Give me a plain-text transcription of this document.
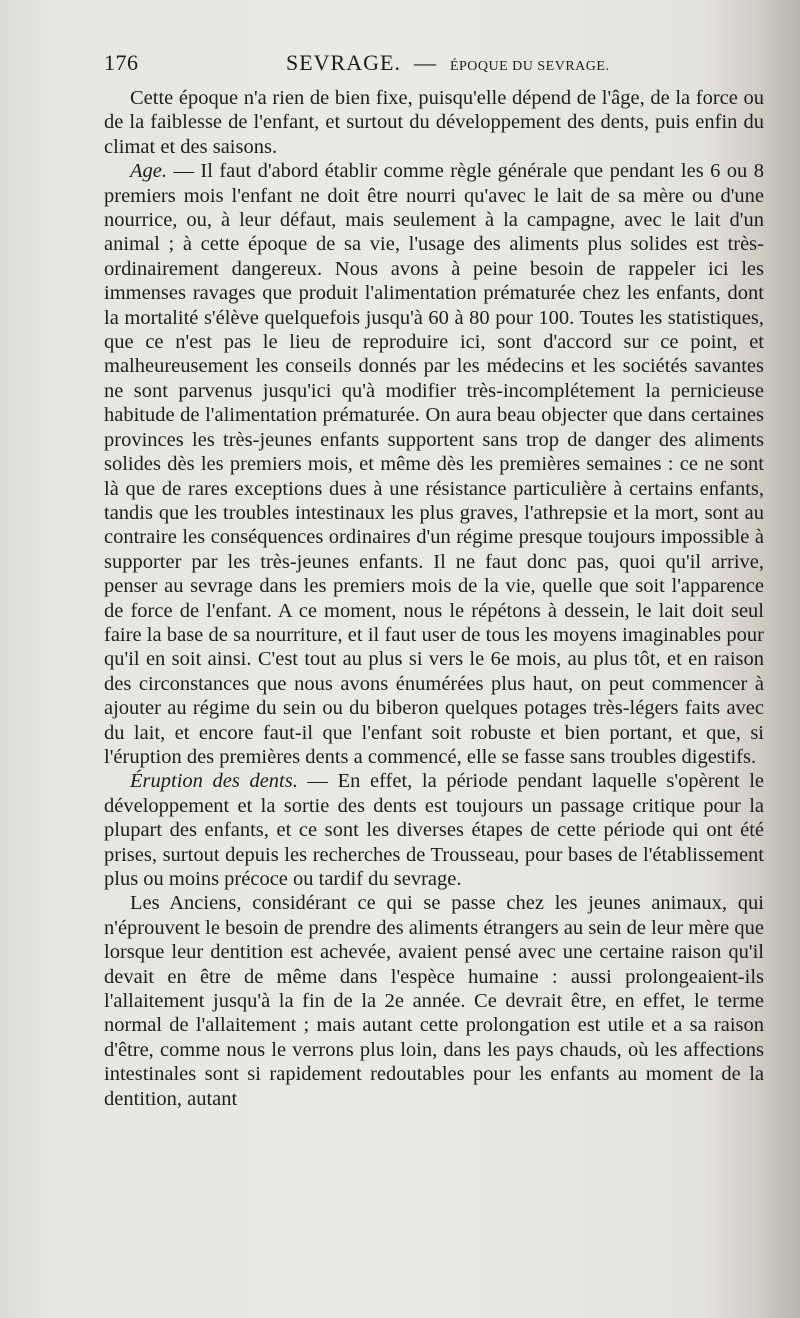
176	SEVRAGE. — ÉPOQUE DU SEVRAGE.

Cette époque n'a rien de bien fixe, puisqu'elle dépend de l'âge, de la force ou de la faiblesse de l'enfant, et surtout du développement des dents, puis enfin du climat et des saisons.

Age. — Il faut d'abord établir comme règle générale que pendant les 6 ou 8 premiers mois l'enfant ne doit être nourri qu'avec le lait de sa mère ou d'une nourrice, ou, à leur défaut, mais seulement à la campagne, avec le lait d'un animal ; à cette époque de sa vie, l'usage des aliments plus solides est très-ordinairement dangereux. Nous avons à peine besoin de rappeler ici les immenses ravages que produit l'alimentation prématurée chez les enfants, dont la mortalité s'élève quelquefois jusqu'à 60 à 80 pour 100. Toutes les statistiques, que ce n'est pas le lieu de reproduire ici, sont d'accord sur ce point, et malheureusement les conseils donnés par les médecins et les sociétés savantes ne sont parvenus jusqu'ici qu'à modifier très-incomplétement la pernicieuse habitude de l'alimentation prématurée. On aura beau objecter que dans certaines provinces les très-jeunes enfants supportent sans trop de danger des aliments solides dès les premiers mois, et même dès les premières semaines : ce ne sont là que de rares exceptions dues à une résistance particulière à certains enfants, tandis que les troubles intestinaux les plus graves, l'athrepsie et la mort, sont au contraire les conséquences ordinaires d'un régime presque toujours impossible à supporter par les très-jeunes enfants. Il ne faut donc pas, quoi qu'il arrive, penser au sevrage dans les premiers mois de la vie, quelle que soit l'apparence de force de l'enfant. A ce moment, nous le répétons à dessein, le lait doit seul faire la base de sa nourriture, et il faut user de tous les moyens imaginables pour qu'il en soit ainsi. C'est tout au plus si vers le 6e mois, au plus tôt, et en raison des circonstances que nous avons énumérées plus haut, on peut commencer à ajouter au régime du sein ou du biberon quelques potages très-légers faits avec du lait, et encore faut-il que l'enfant soit robuste et bien portant, et que, si l'éruption des premières dents a commencé, elle se fasse sans troubles digestifs.

Éruption des dents. — En effet, la période pendant laquelle s'opèrent le développement et la sortie des dents est toujours un passage critique pour la plupart des enfants, et ce sont les diverses étapes de cette période qui ont été prises, surtout depuis les recherches de Trousseau, pour bases de l'établissement plus ou moins précoce ou tardif du sevrage.

Les Anciens, considérant ce qui se passe chez les jeunes animaux, qui n'éprouvent le besoin de prendre des aliments étrangers au sein de leur mère que lorsque leur dentition est achevée, avaient pensé avec une certaine raison qu'il devait en être de même dans l'espèce humaine : aussi prolongeaient-ils l'allaitement jusqu'à la fin de la 2e année. Ce devrait être, en effet, le terme normal de l'allaitement ; mais autant cette prolongation est utile et a sa raison d'être, comme nous le verrons plus loin, dans les pays chauds, où les affections intestinales sont si rapidement redoutables pour les enfants au moment de la dentition, autant
